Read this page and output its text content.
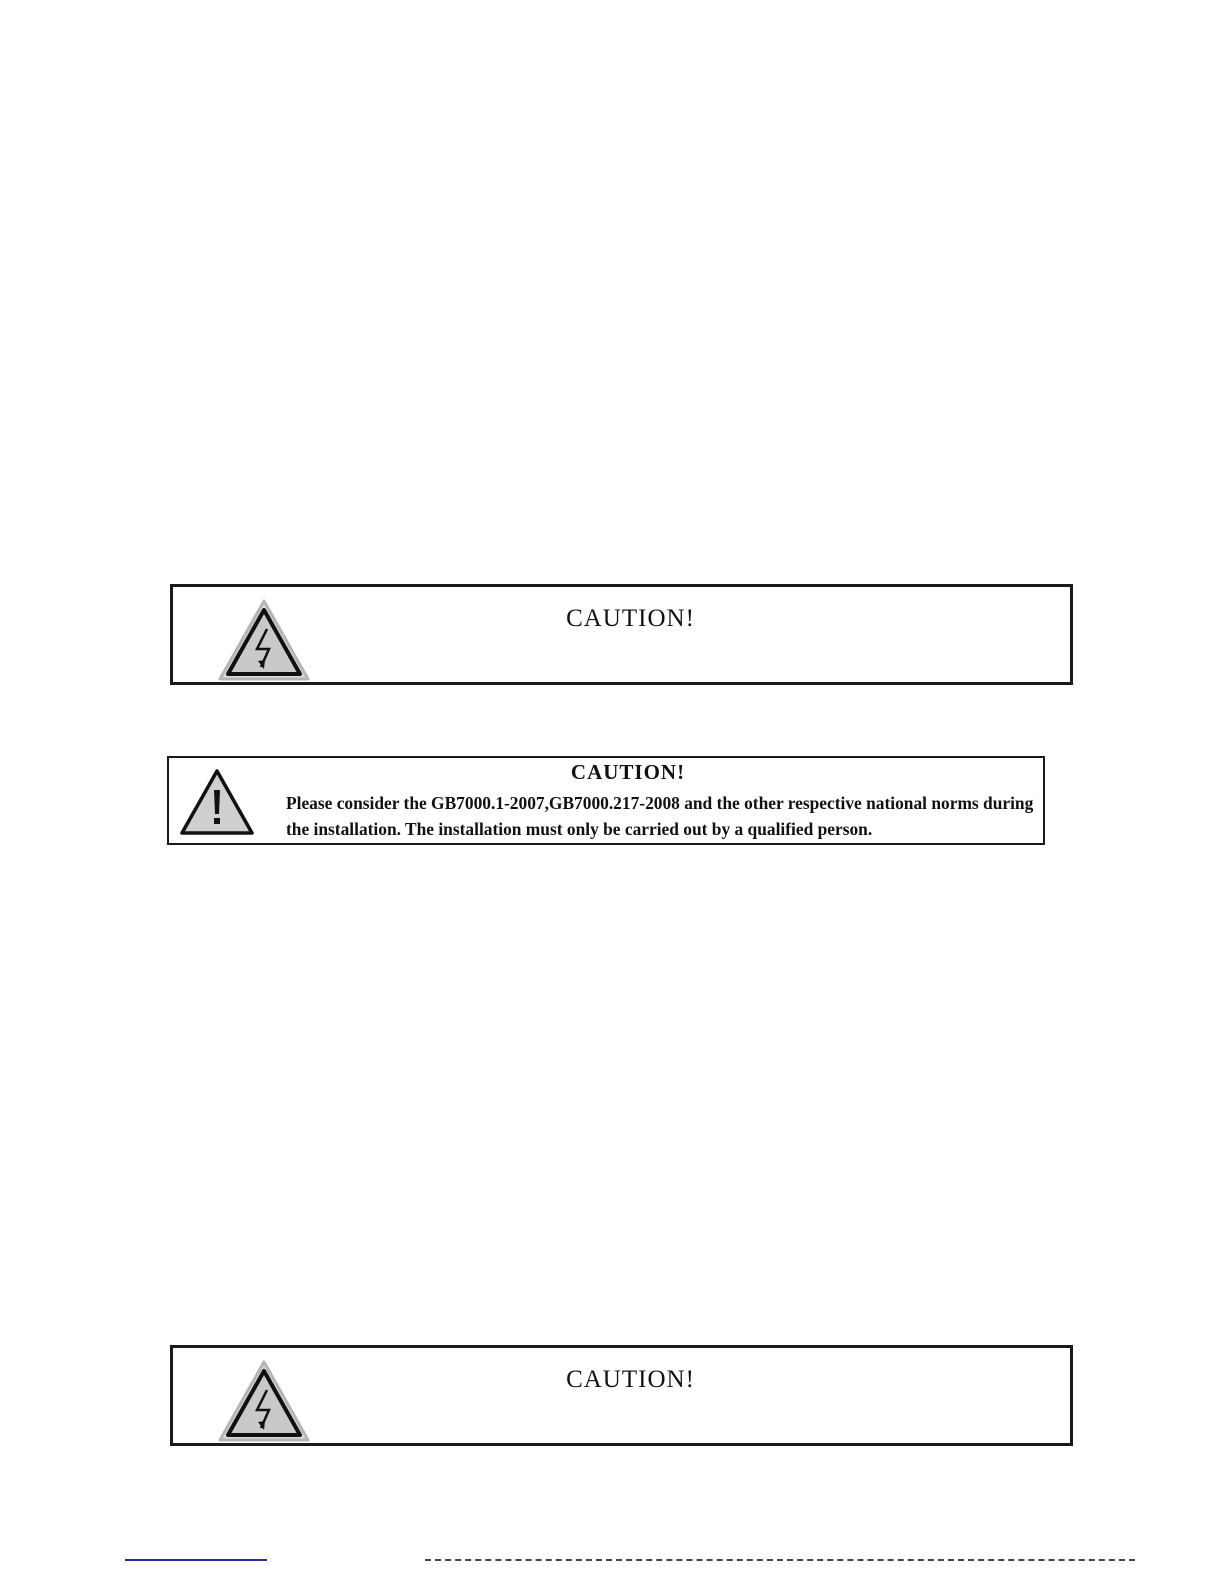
CAUTION!
CAUTION!
Please consider the GB7000.1-2007,GB7000.217-2008 and the other respective national norms during
the installation. The installation must only be carried out by a qualified person.
CAUTION!
